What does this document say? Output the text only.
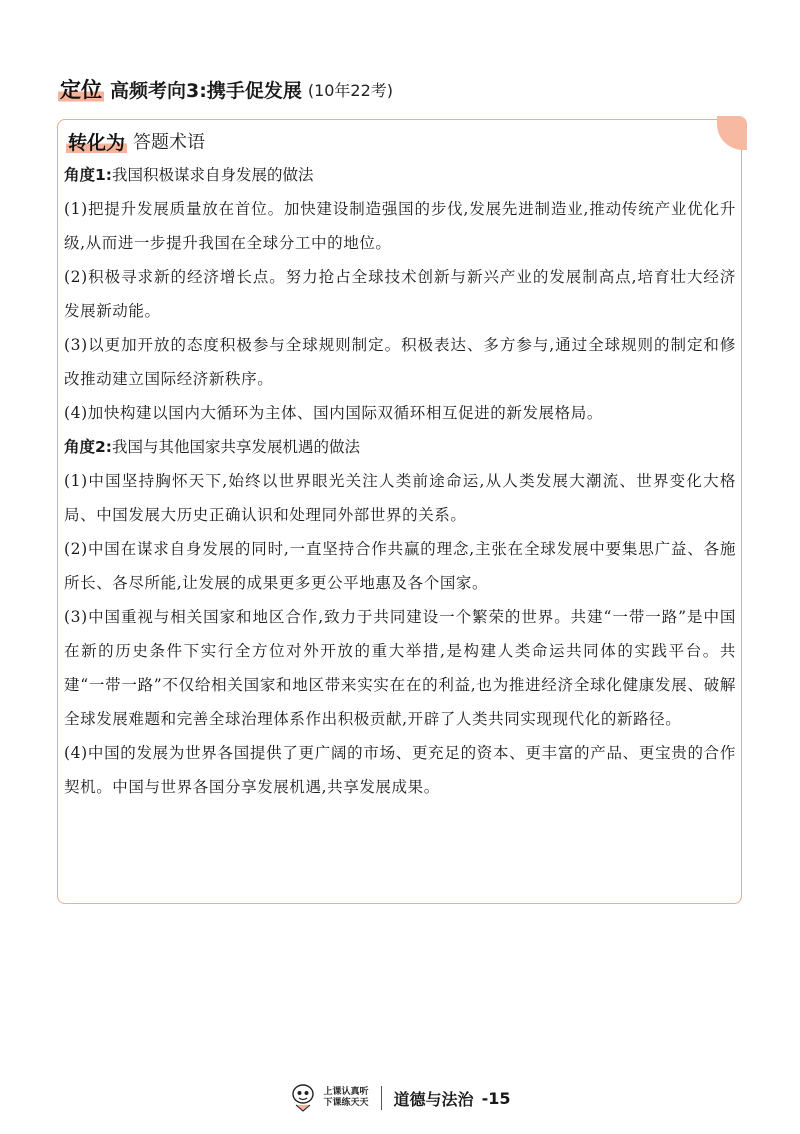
定位 高频考向3:携手促发展 (10年22考)
转化为 答题术语
角度1:我国积极谋求自身发展的做法
(1)把提升发展质量放在首位。加快建设制造强国的步伐,发展先进制造业,推动传统产业优化升级,从而进一步提升我国在全球分工中的地位。
(2)积极寻求新的经济增长点。努力抢占全球技术创新与新兴产业的发展制高点,培育壮大经济发展新动能。
(3)以更加开放的态度积极参与全球规则制定。积极表达、多方参与,通过全球规则的制定和修改推动建立国际经济新秩序。
(4)加快构建以国内大循环为主体、国内国际双循环相互促进的新发展格局。
角度2:我国与其他国家共享发展机遇的做法
(1)中国坚持胸怀天下,始终以世界眼光关注人类前途命运,从人类发展大潮流、世界变化大格局、中国发展大历史正确认识和处理同外部世界的关系。
(2)中国在谋求自身发展的同时,一直坚持合作共赢的理念,主张在全球发展中要集思广益、各施所长、各尽所能,让发展的成果更多更公平地惠及各个国家。
(3)中国重视与相关国家和地区合作,致力于共同建设一个繁荣的世界。共建“一带一路”是中国在新的历史条件下实行全方位对外开放的重大举措,是构建人类命运共同体的实践平台。共建“一带一路”不仅给相关国家和地区带来实实在在的利益,也为推进经济全球化健康发展、破解全球发展难题和完善全球治理体系作出积极贡献,开辟了人类共同实现现代化的新路径。
(4)中国的发展为世界各国提供了更广阔的市场、更充足的资本、更丰富的产品、更宝贵的合作契机。中国与世界各国分享发展机遇,共享发展成果。
上课认真听
下课练天天 道德与法治 -15
